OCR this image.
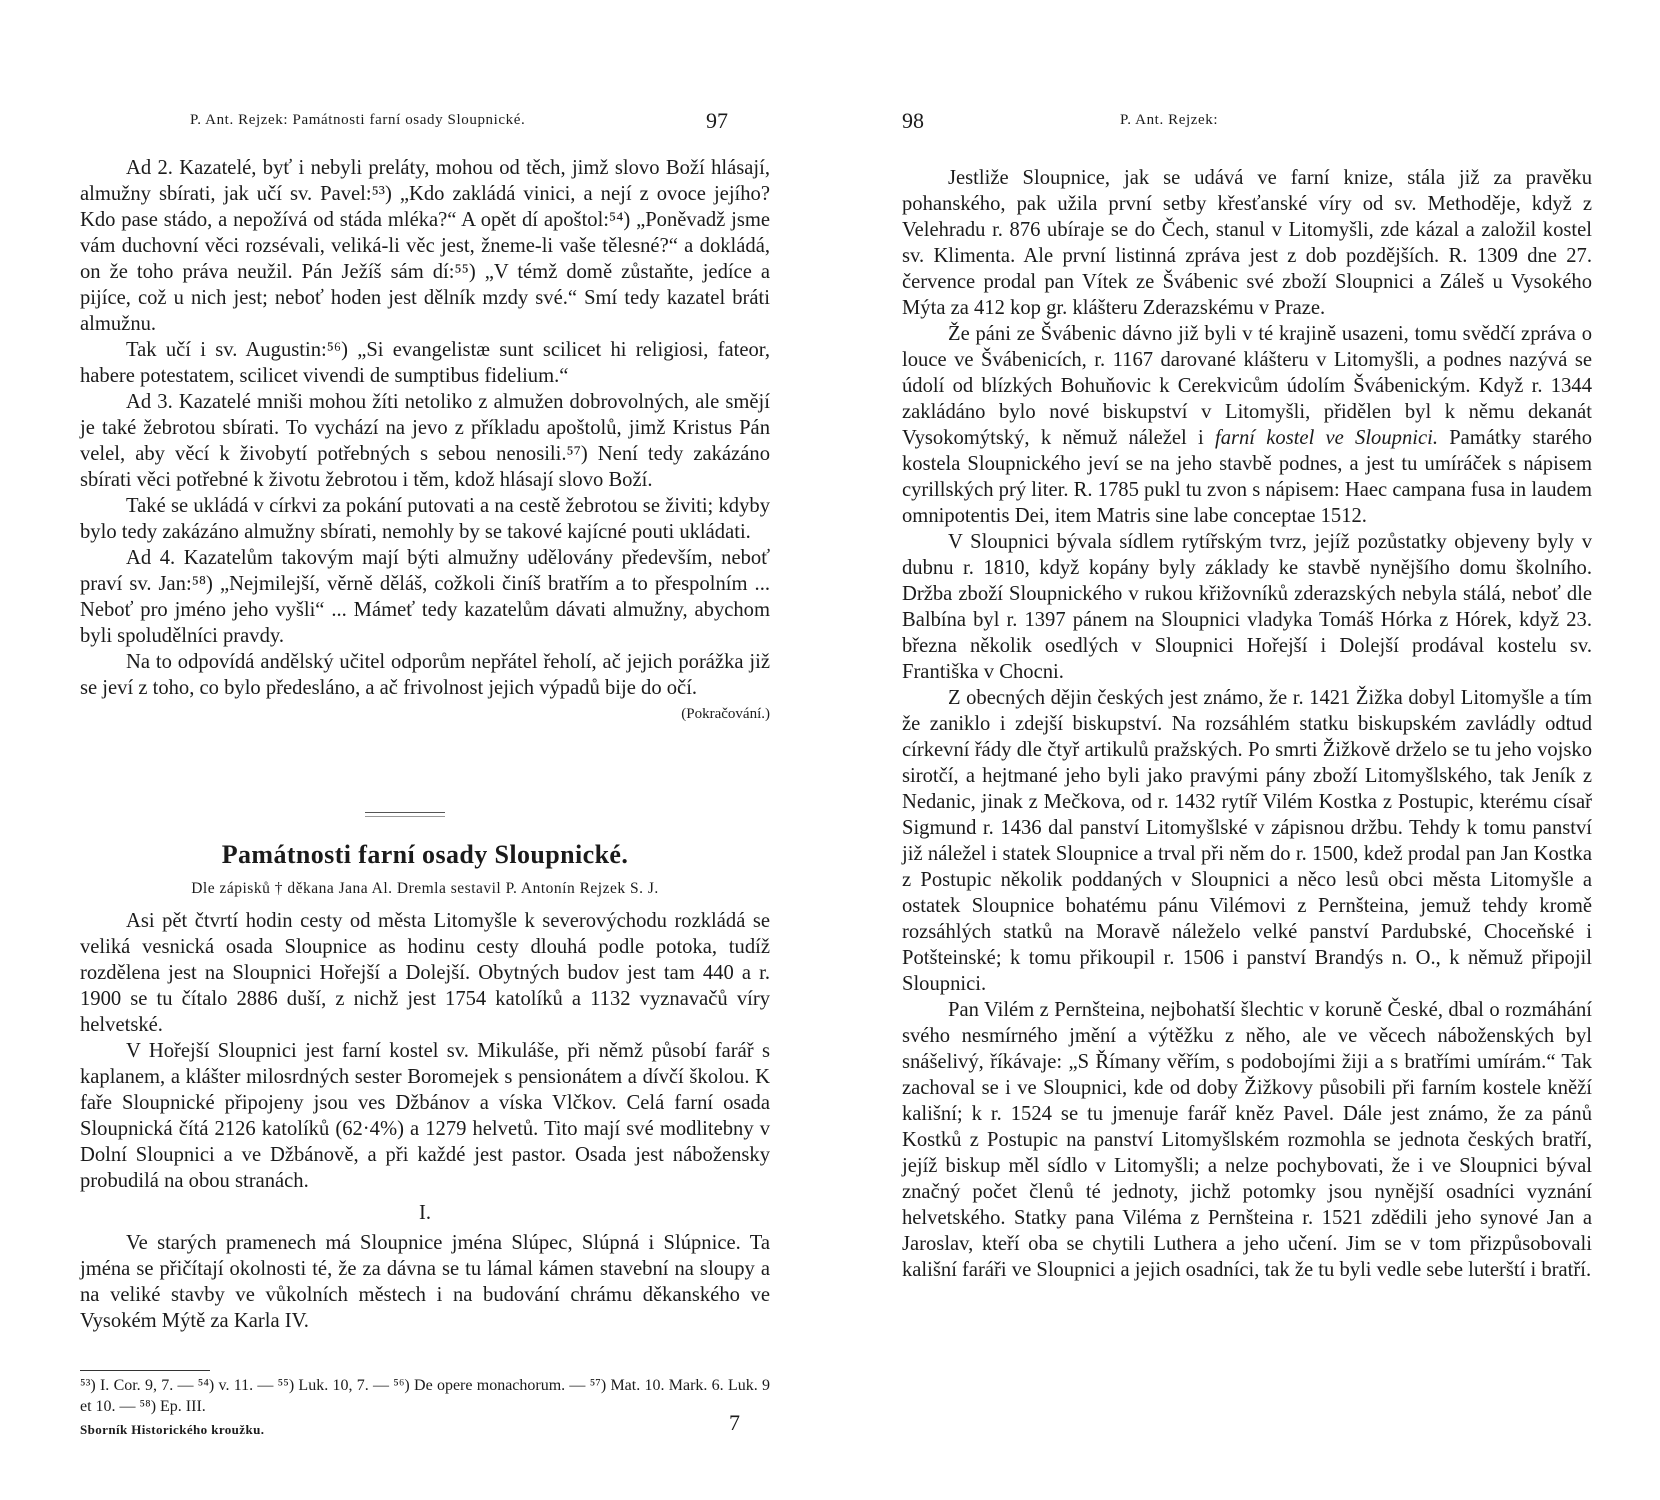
P. Ant. Rejzek: Památnosti farní osady Sloupnické.	97

Ad 2. Kazatelé, byť i nebyli preláty, mohou od těch, jimž slovo Boží hlásají, almužny sbírati, jak učí sv. Pavel:⁵³) „Kdo zakládá vinici, a nejí z ovoce jejího? Kdo pase stádo, a nepožívá od stáda mléka?“ A opět dí apoštol:⁵⁴) „Poněvadž jsme vám duchovní věci rozsévali, veliká-li věc jest, žneme-li vaše tělesné?“ a dokládá, on že toho práva neužil. Pán Ježíš sám dí:⁵⁵) „V témž domě zůstaňte, jedíce a pijíce, což u nich jest; neboť hoden jest dělník mzdy své.“ Smí tedy kazatel bráti almužnu.

Tak učí i sv. Augustin:⁵⁶) „Si evangelistæ sunt scilicet hi religiosi, fateor, habere potestatem, scilicet vivendi de sumptibus fidelium.“

Ad 3. Kazatelé mniši mohou žíti netoliko z almužen dobrovolných, ale smějí je také žebrotou sbírati. To vychází na jevo z příkladu apoštolů, jimž Kristus Pán velel, aby věcí k živobytí potřebných s sebou nenosili.⁵⁷) Není tedy zakázáno sbírati věci potřebné k životu žebrotou i těm, kdož hlásají slovo Boží.

Také se ukládá v církvi za pokání putovati a na cestě žebrotou se živiti; kdyby bylo tedy zakázáno almužny sbírati, nemohly by se takové kajícné pouti ukládati.

Ad 4. Kazatelům takovým mají býti almužny udělovány především, neboť praví sv. Jan:⁵⁸) „Nejmilejší, věrně děláš, cožkoli činíš bratřím a to přespolním ... Neboť pro jméno jeho vyšli“ ... Mámeť tedy kazatelům dávati almužny, abychom byli spoludělníci pravdy.

Na to odpovídá andělský učitel odporům nepřátel řeholí, ač jejich porážka již se jeví z toho, co bylo předesláno, a ač frivolnost jejich výpadů bije do očí.

(Pokračování.)
Památnosti farní osady Sloupnické.
Dle zápisků † děkana Jana Al. Dremla sestavil P. Antonín Rejzek S. J.

Asi pět čtvrtí hodin cesty od města Litomyšle k severovýchodu rozkládá se veliká vesnická osada Sloupnice as hodinu cesty dlouhá podle potoka, tudíž rozdělena jest na Sloupnici Hořejší a Dolejší. Obytných budov jest tam 440 a r. 1900 se tu čítalo 2886 duší, z nichž jest 1754 katolíků a 1132 vyznavačů víry helvetské.

V Hořejší Sloupnici jest farní kostel sv. Mikuláše, při němž působí farář s kaplanem, a klášter milosrdných sester Boromejek s pensionátem a dívčí školou. K faře Sloupnické připojeny jsou ves Džbánov a víska Vlčkov. Celá farní osada Sloupnická čítá 2126 katolíků (62·4%) a 1279 helvetů. Tito mají své modlitebny v Dolní Sloupnici a ve Džbánově, a při každé jest pastor. Osada jest nábožensky probudilá na obou stranách.

I.

Ve starých pramenech má Sloupnice jména Slúpec, Slúpná i Slúpnice. Ta jména se přičítají okolnosti té, že za dávna se tu lámal kámen stavební na sloupy a na veliké stavby ve vůkolních městech i na budování chrámu děkanského ve Vysokém Mýtě za Karla IV.

⁵³) I. Cor. 9, 7. — ⁵⁴) v. 11. — ⁵⁵) Luk. 10, 7. — ⁵⁶) De opere monachorum. — ⁵⁷) Mat. 10. Mark. 6. Luk. 9 et 10. — ⁵⁸) Ep. III.
Sborník Historického kroužku.	7
98	P. Ant. Rejzek:

Jestliže Sloupnice, jak se udává ve farní knize, stála již za pravěku pohanského, pak užila první setby křesťanské víry od sv. Methoděje, když z Velehradu r. 876 ubíraje se do Čech, stanul v Litomyšli, zde kázal a založil kostel sv. Klimenta. Ale první listinná zpráva jest z dob pozdějších. R. 1309 dne 27. července prodal pan Vítek ze Švábenic své zboží Sloupnici a Záleš u Vysokého Mýta za 412 kop gr. klášteru Zderazskému v Praze.

Že páni ze Švábenic dávno již byli v té krajině usazeni, tomu svědčí zpráva o louce ve Švábenicích, r. 1167 darované klášteru v Litomyšli, a podnes nazývá se údolí od blízkých Bohuňovic k Cerekvicům údolím Švábenickým. Když r. 1344 zakládáno bylo nové biskupství v Litomyšli, přidělen byl k němu dekanát Vysokomýtský, k němuž náležel i farní kostel ve Sloupnici. Památky starého kostela Sloupnického jeví se na jeho stavbě podnes, a jest tu umíráček s nápisem cyrillských prý liter. R. 1785 pukl tu zvon s nápisem: Haec campana fusa in laudem omnipotentis Dei, item Matris sine labe conceptae 1512.

V Sloupnici bývala sídlem rytířským tvrz, jejíž pozůstatky objeveny byly v dubnu r. 1810, když kopány byly základy ke stavbě nynějšího domu školního. Držba zboží Sloupnického v rukou křižovníků zderazských nebyla stálá, neboť dle Balbína byl r. 1397 pánem na Sloupnici vladyka Tomáš Hórka z Hórek, když 23. března několik osedlých v Sloupnici Hořejší i Dolejší prodával kostelu sv. Františka v Chocni.

Z obecných dějin českých jest známo, že r. 1421 Žižka dobyl Litomyšle a tím že zaniklo i zdejší biskupství. Na rozsáhlém statku biskupském zavládly odtud církevní řády dle čtyř artikulů pražských. Po smrti Žižkově drželo se tu jeho vojsko sirotčí, a hejtmané jeho byli jako pravými pány zboží Litomyšlského, tak Jeník z Nedanic, jinak z Mečkova, od r. 1432 rytíř Vilém Kostka z Postupic, kterému císař Sigmund r. 1436 dal panství Litomyšlské v zápisnou držbu. Tehdy k tomu panství již náležel i statek Sloupnice a trval při něm do r. 1500, kdež prodal pan Jan Kostka z Postupic několik poddaných v Sloupnici a něco lesů obci města Litomyšle a ostatek Sloupnice bohatému pánu Vilémovi z Pernšteina, jemuž tehdy kromě rozsáhlých statků na Moravě náleželo velké panství Pardubské, Choceňské i Potšteinské; k tomu přikoupil r. 1506 i panství Brandýs n. O., k němuž připojil Sloupnici.

Pan Vilém z Pernšteina, nejbohatší šlechtic v koruně České, dbal o rozmáhání svého nesmírného jmění a výtěžku z něho, ale ve věcech náboženských byl snášelivý, říkávaje: „S Římany věřím, s podobojími žiji a s bratřími umírám.“ Tak zachoval se i ve Sloupnici, kde od doby Žižkovy působili při farním kostele kněží kališní; k r. 1524 se tu jmenuje farář kněz Pavel. Dále jest známo, že za pánů Kostků z Postupic na panství Litomyšlském rozmohla se jednota českých bratří, jejíž biskup měl sídlo v Litomyšli; a nelze pochybovati, že i ve Sloupnici býval značný počet členů té jednoty, jichž potomky jsou nynější osadníci vyznání helvetského. Statky pana Viléma z Pernšteina r. 1521 zdědili jeho synové Jan a Jaroslav, kteří oba se chytili Luthera a jeho učení. Jim se v tom přizpůsobovali kališní faráři ve Sloupnici a jejich osadníci, tak že tu byli vedle sebe luterští i bratří.
